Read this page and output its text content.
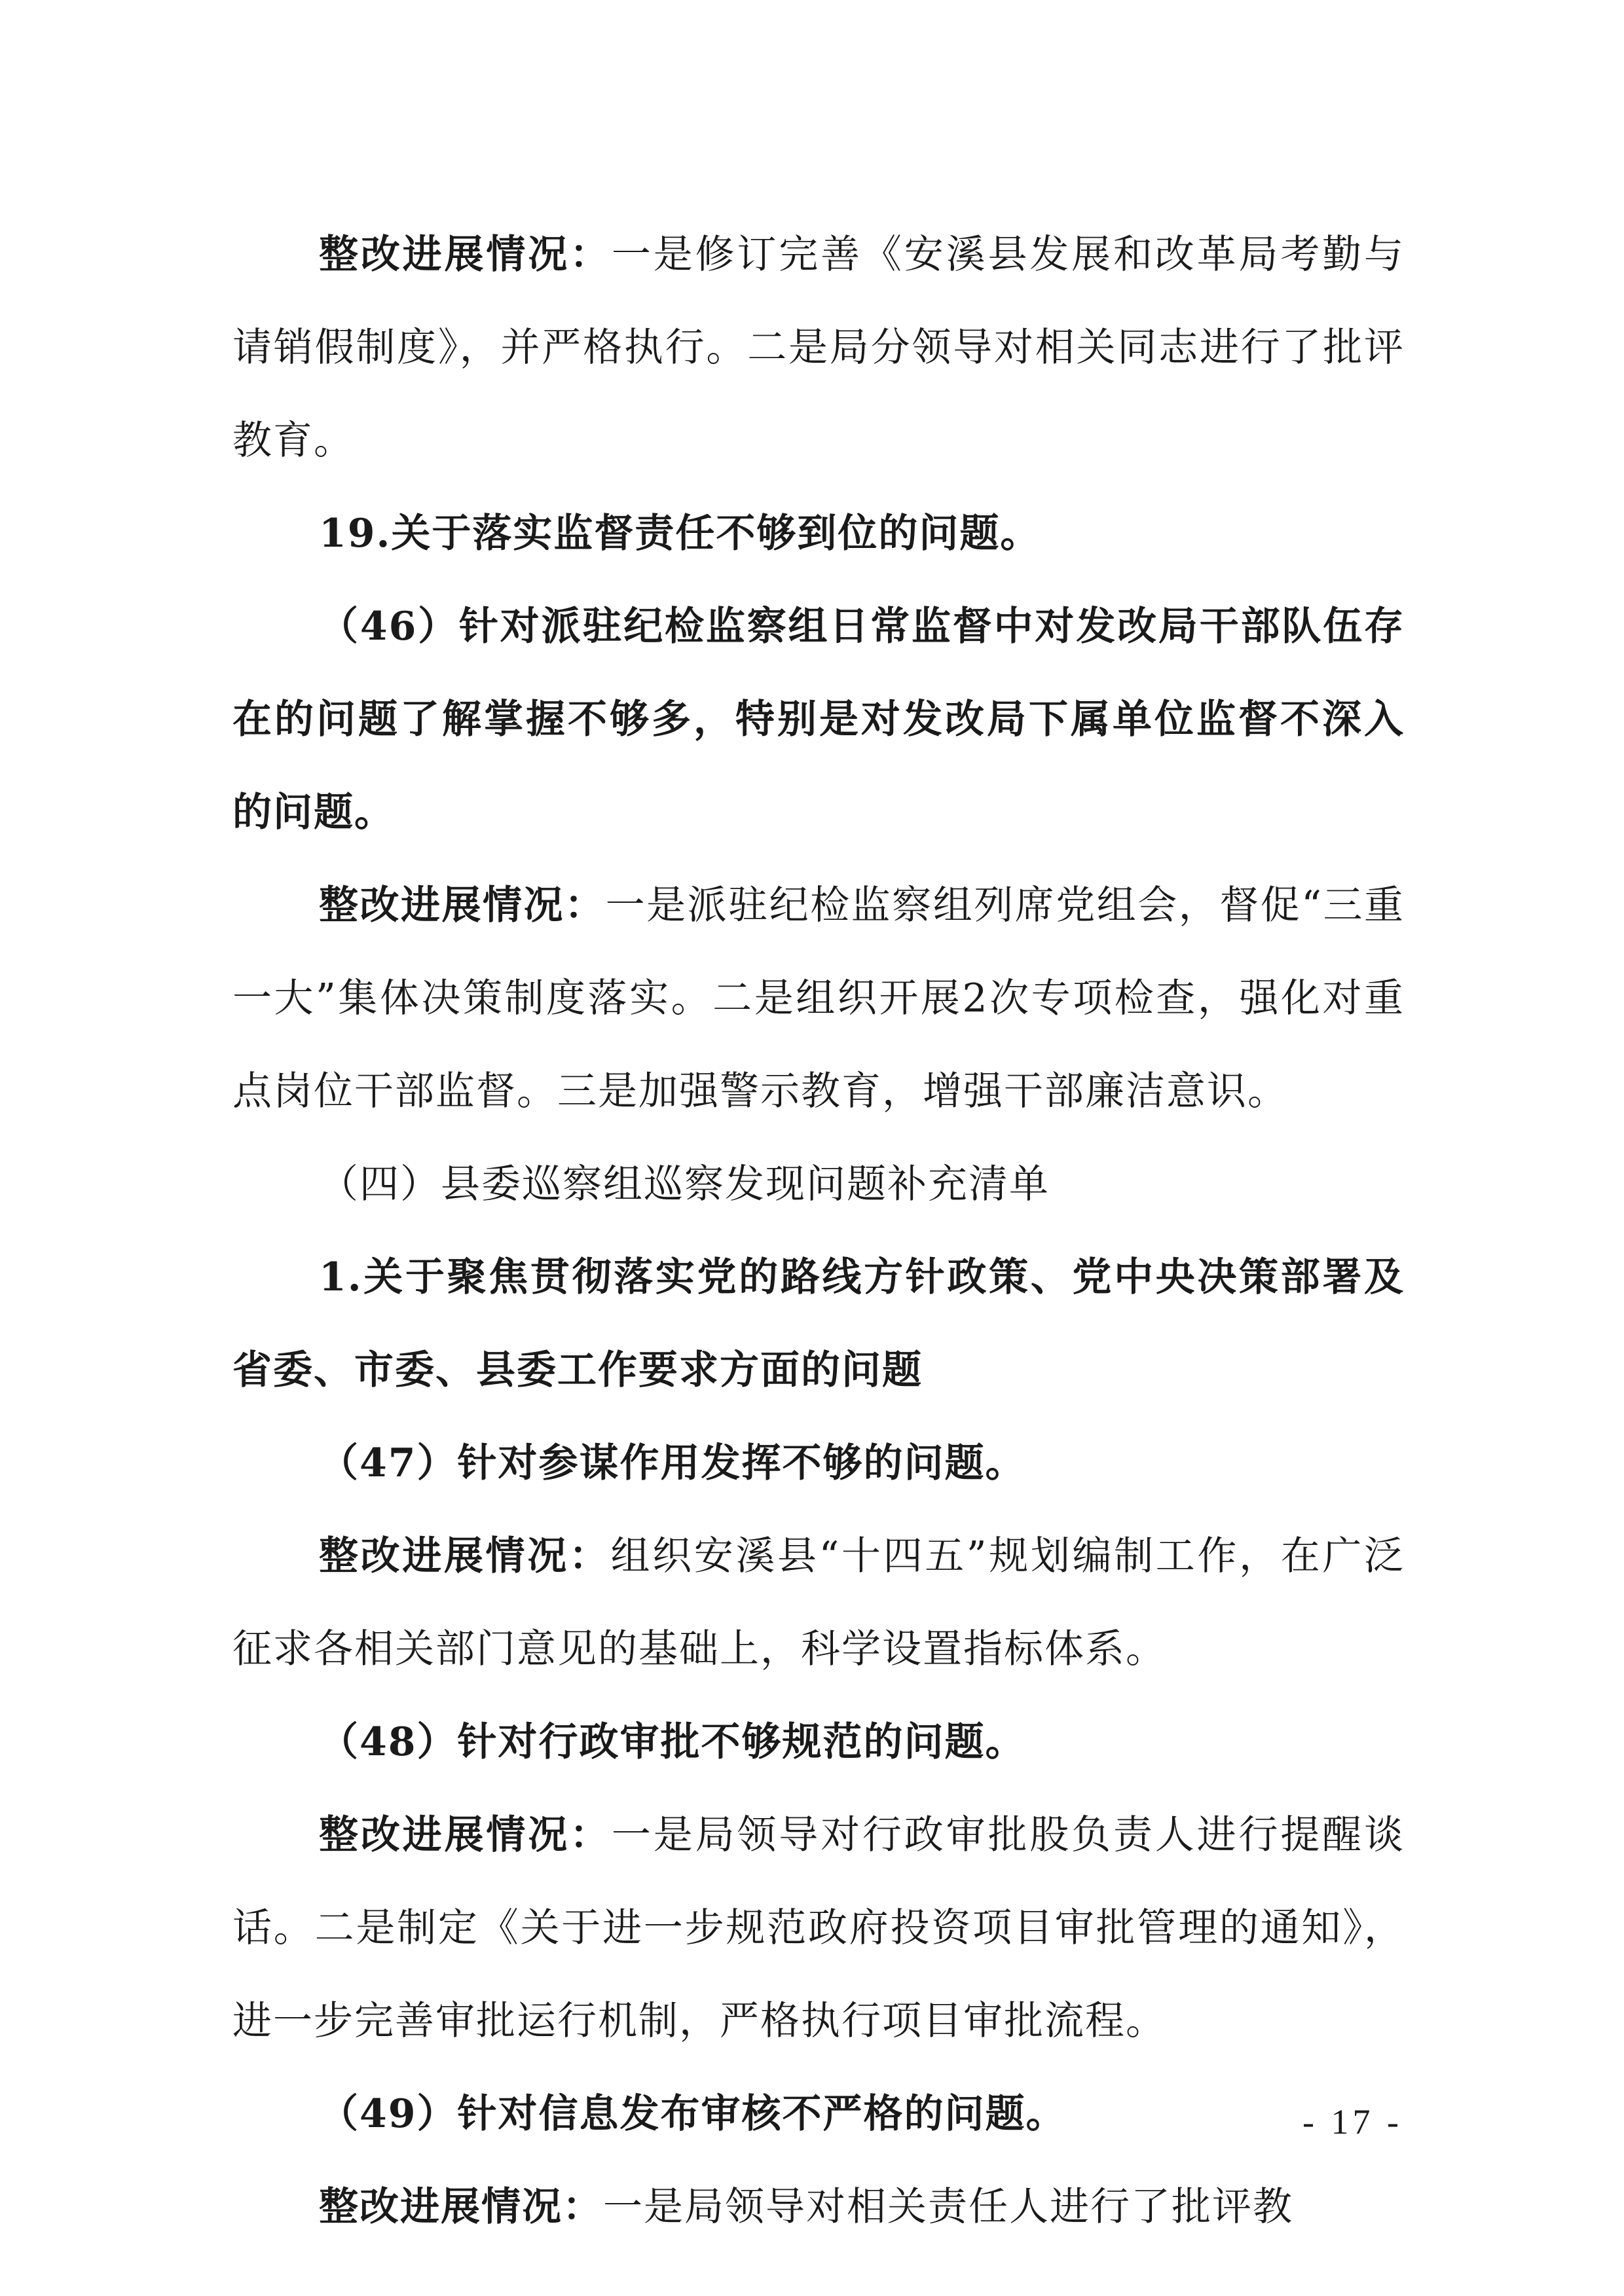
整改进展情况：一是修订完善《安溪县发展和改革局考勤与请销假制度》，并严格执行。二是局分领导对相关同志进行了批评教育。

19.关于落实监督责任不够到位的问题。

（46）针对派驻纪检监察组日常监督中对发改局干部队伍存在的问题了解掌握不够多，特别是对发改局下属单位监督不深入的问题。

整改进展情况：一是派驻纪检监察组列席党组会，督促“三重一大”集体决策制度落实。二是组织开展2次专项检查，强化对重点岗位干部监督。三是加强警示教育，增强干部廉洁意识。

（四）县委巡察组巡察发现问题补充清单

1.关于聚焦贯彻落实党的路线方针政策、党中央决策部署及省委、市委、县委工作要求方面的问题

（47）针对参谋作用发挥不够的问题。

整改进展情况：组织安溪县“十四五”规划编制工作，在广泛征求各相关部门意见的基础上，科学设置指标体系。

（48）针对行政审批不够规范的问题。

整改进展情况：一是局领导对行政审批股负责人进行提醒谈话。二是制定《关于进一步规范政府投资项目审批管理的通知》，进一步完善审批运行机制，严格执行项目审批流程。

（49）针对信息发布审核不严格的问题。

整改进展情况：一是局领导对相关责任人进行了批评教

- 17 -
